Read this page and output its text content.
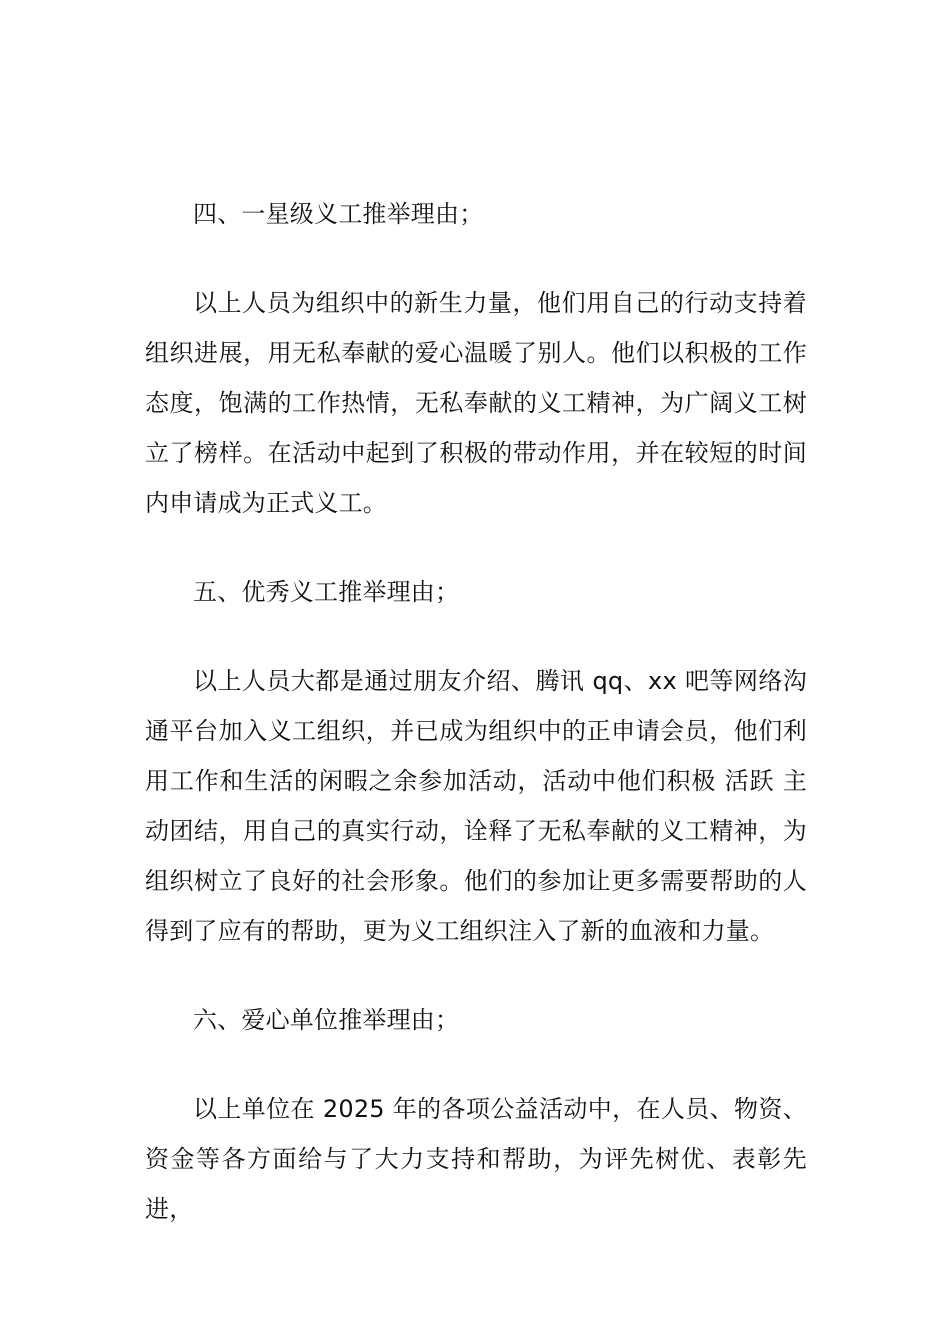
四、一星级义工推举理由；

以上人员为组织中的新生力量，他们用自己的行动支持着组织进展，用无私奉献的爱心温暖了别人。他们以积极的工作态度，饱满的工作热情，无私奉献的义工精神，为广阔义工树立了榜样。在活动中起到了积极的带动作用，并在较短的时间内申请成为正式义工。

五、优秀义工推举理由；

以上人员大都是通过朋友介绍、腾讯 qq、xx 吧等网络沟通平台加入义工组织，并已成为组织中的正申请会员，他们利用工作和生活的闲暇之余参加活动，活动中他们积极 活跃 主动团结，用自己的真实行动，诠释了无私奉献的义工精神，为组织树立了良好的社会形象。他们的参加让更多需要帮助的人得到了应有的帮助，更为义工组织注入了新的血液和力量。

六、爱心单位推举理由；

以上单位在 2025 年的各项公益活动中，在人员、物资、资金等各方面给与了大力支持和帮助，为评先树优、表彰先进，
